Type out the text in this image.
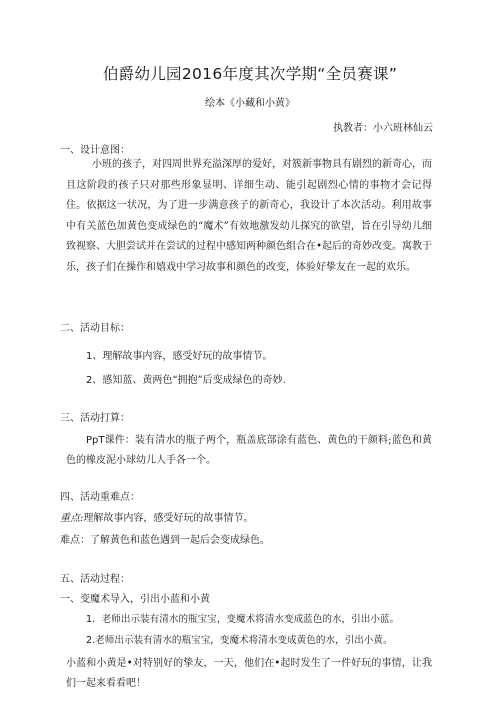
伯爵幼儿园2016年度其次学期“全员赛课”
绘本《小藏和小黄》
执教者：小六班林仙云
一、设计意图：

小班的孩子，对四周世界充溢深厚的爱好，对簇新事物具有剧烈的新奇心，而且这阶段的孩子只对那些形象显明、详细生动、能引起剧烈心情的事物才会记得住。依据这一状况，为了进一步满意孩子的新奇心，我设计了本次活动。利用故事中有关蓝色加黄色变成绿色的“魔术”有效地激发幼儿探究的欲望，旨在引导幼儿细致视察、大胆尝试并在尝试的过程中感知两种颜色组合在•起后的奇妙改变。寓教于乐，孩子们在操作和嬉戏中学习故事和颜色的改变，体验好挚友在一起的欢乐。

二、活动目标：
1、理解故事内容，感受好玩的故事情节。
2、感知蓝、黄两色“拥抱”后变成绿色的奇妙.
三、活动打算：

PpT课件：装有清水的瓶子两个，瓶盖底部涂有蓝色、黄色的干颜料;蓝色和黄色的橡皮泥小球幼儿人手各一个。

四、活动重难点：
重点:理解故事内容，感受好玩的故事情节。
难点：了解黄色和蓝色遇到一起后会变成绿色。
五、活动过程：
一、变魔术导入，引出小蓝和小黄
1．老师出示装有清水的瓶宝宝，变魔术将清水变成蓝色的水，引出小蓝。
2.老师出示装有清水的瓶宝宝，变魔术将清水变成黄色的水，引出小黄。

小蓝和小黄是•对特别好的挚友，一天，他们在•起时发生了一件好玩的事情，让我们一起来看看吧！
